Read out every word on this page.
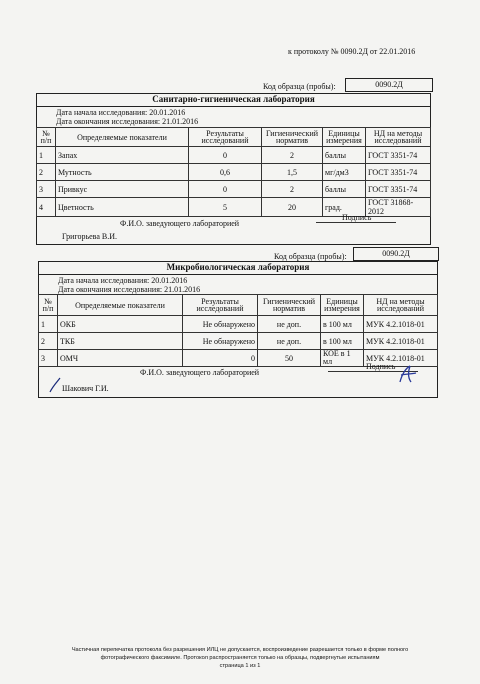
к протоколу № 0090.2Д от 22.01.2016
Код образца (пробы):	0090.2Д
Санитарно-гигиеническая лаборатория
Дата начала исследования: 20.01.2016
Дата окончания исследования: 21.01.2016
№ п/п	Определяемые показатели	Результаты исследований	Гигиенический норматив	Единицы измерения	НД на методы исследований
1	Запах	0	2	баллы	ГОСТ 3351-74
2	Мутность	0,6	1,5	мг/дм3	ГОСТ 3351-74
3	Привкус	0	2	баллы	ГОСТ 3351-74
4	Цветность	5	20	град.	ГОСТ 31868-2012
Ф.И.О. заведующего лабораторией
Подпись
Григорьева В.И.
Код образца (пробы):	0090.2Д
Микробиологическая лаборатория
Дата начала исследования: 20.01.2016
Дата окончания исследования: 21.01.2016
№ п/п	Определяемые показатели	Результаты исследований	Гигиенический норматив	Единицы измерения	НД на методы исследований
1	ОКБ	Не обнаружено	не доп.	в 100 мл	МУК 4.2.1018-01
2	ТКБ	Не обнаружено	не доп.	в 100 мл	МУК 4.2.1018-01
3	ОМЧ	0	50	КОЕ в 1 мл	МУК 4.2.1018-01
Ф.И.О. заведующего лабораторией
Подпись
Шакович Г.И.
Частичная перепечатка протокола без разрешения ИЛЦ не допускается, воспроизведение разрешается только в форме полного
фотографического факсимиле. Протокол распространяется только на образцы, подвергнутые испытаниям
страница 1 из 1
